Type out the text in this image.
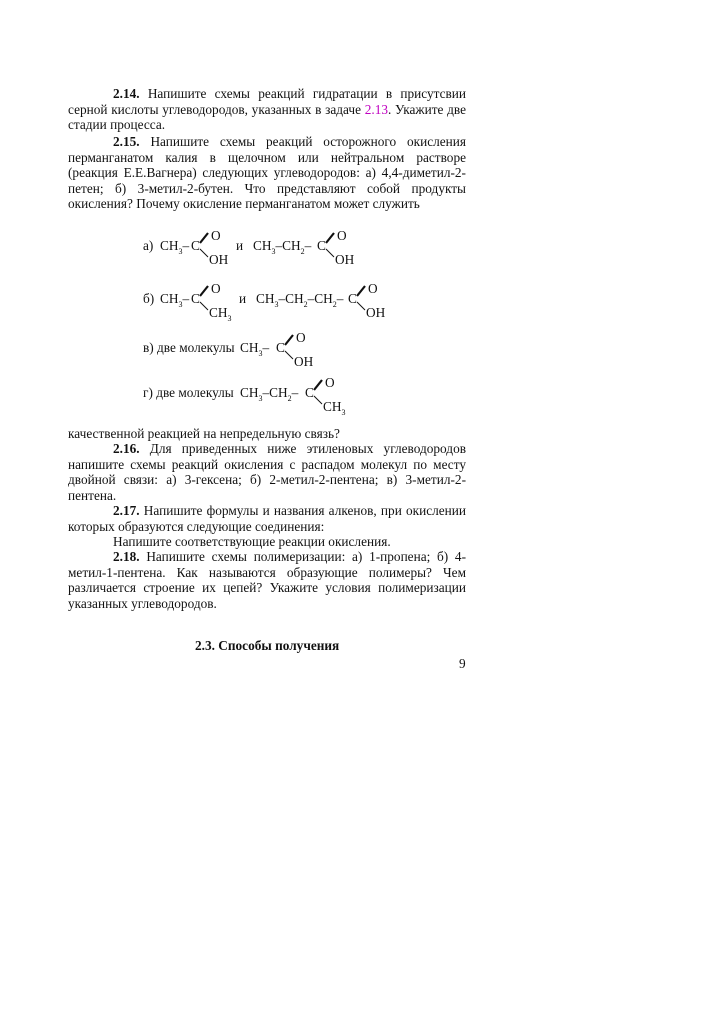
2.14. Напишите схемы реакций гидратации в присутсвии серной кислоты углеводородов, указанных в задаче 2.13. Укажите две стадии процесса.

2.15. Напишите схемы реакций осторожного окисления перманганатом калия в щелочном или нейтральном растворе (реакция Е.Е.Вагнера) следующих углеводородов: а) 4,4-диметил-2-петен; б) 3-метил-2-бутен. Что представляют собой продукты окисления? Почему окисление перманганатом может служить

а) $CH_3-$ C
O
OH
и $CH_3-CH_2-$ C
O
OH
б) $CH_3-$ C
O
$CH_3$
и $CH_3-CH_2-CH_2-$ C
O
OH
в) две молекулы $CH_3-$ C
O
OH
г) две молекулы $CH_3-CH_2-$ C
O
$CH_3$

качественной реакцией на непредельную связь?

2.16. Для приведенных ниже этиленовых углеводородов напишите схемы реакций окисления с распадом молекул по месту двойной связи: а) 3-гексена; б) 2-метил-2-пентена; в) 3-метил-2-пентена.

2.17. Напишите формулы и названия алкенов, при окислении которых образуются следующие соединения:

Напишите соответствующие реакции окисления.

2.18. Напишите схемы полимеризации: а) 1-пропена; б) 4-метил-1-пентена. Как называются образующие полимеры? Чем различается строение их цепей? Укажите условия полимеризации указанных углеводородов.

2.3. Способы получения
9
